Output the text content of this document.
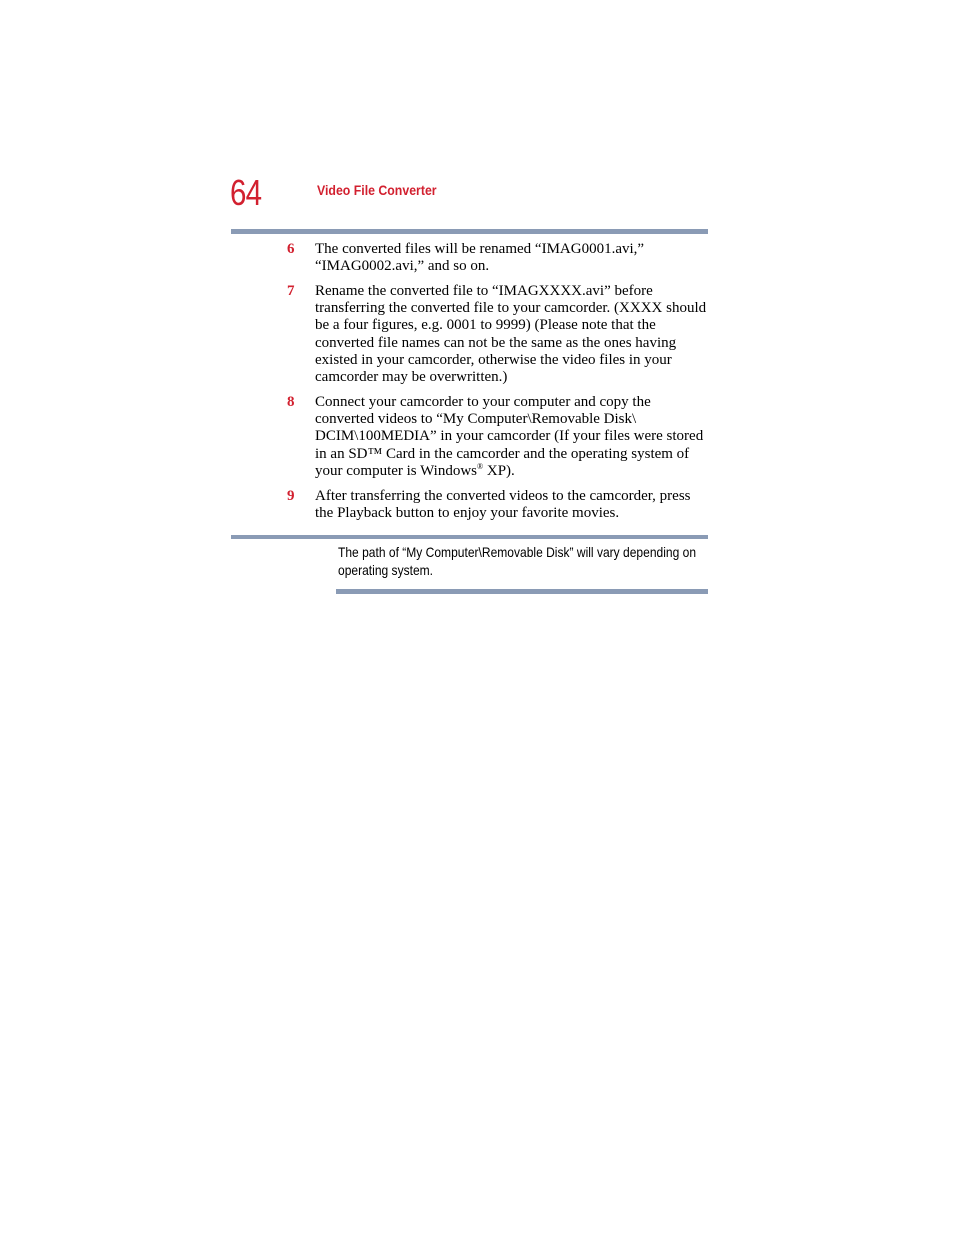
64	Video File Converter
6 The converted files will be renamed “IMAG0001.avi,” “IMAG0002.avi,” and so on.
7 Rename the converted file to “IMAGXXXX.avi” before transferring the converted file to your camcorder. (XXXX should be a four figures, e.g. 0001 to 9999) (Please note that the converted file names can not be the same as the ones having existed in your camcorder, otherwise the video files in your camcorder may be overwritten.)
8 Connect your camcorder to your computer and copy the converted videos to “My Computer\Removable Disk\ DCIM\100MEDIA” in your camcorder (If your files were stored in an SD™ Card in the camcorder and the operating system of your computer is Windows® XP).
9 After transferring the converted videos to the camcorder, press the Playback button to enjoy your favorite movies.
The path of “My Computer\Removable Disk” will vary depending on operating system.
